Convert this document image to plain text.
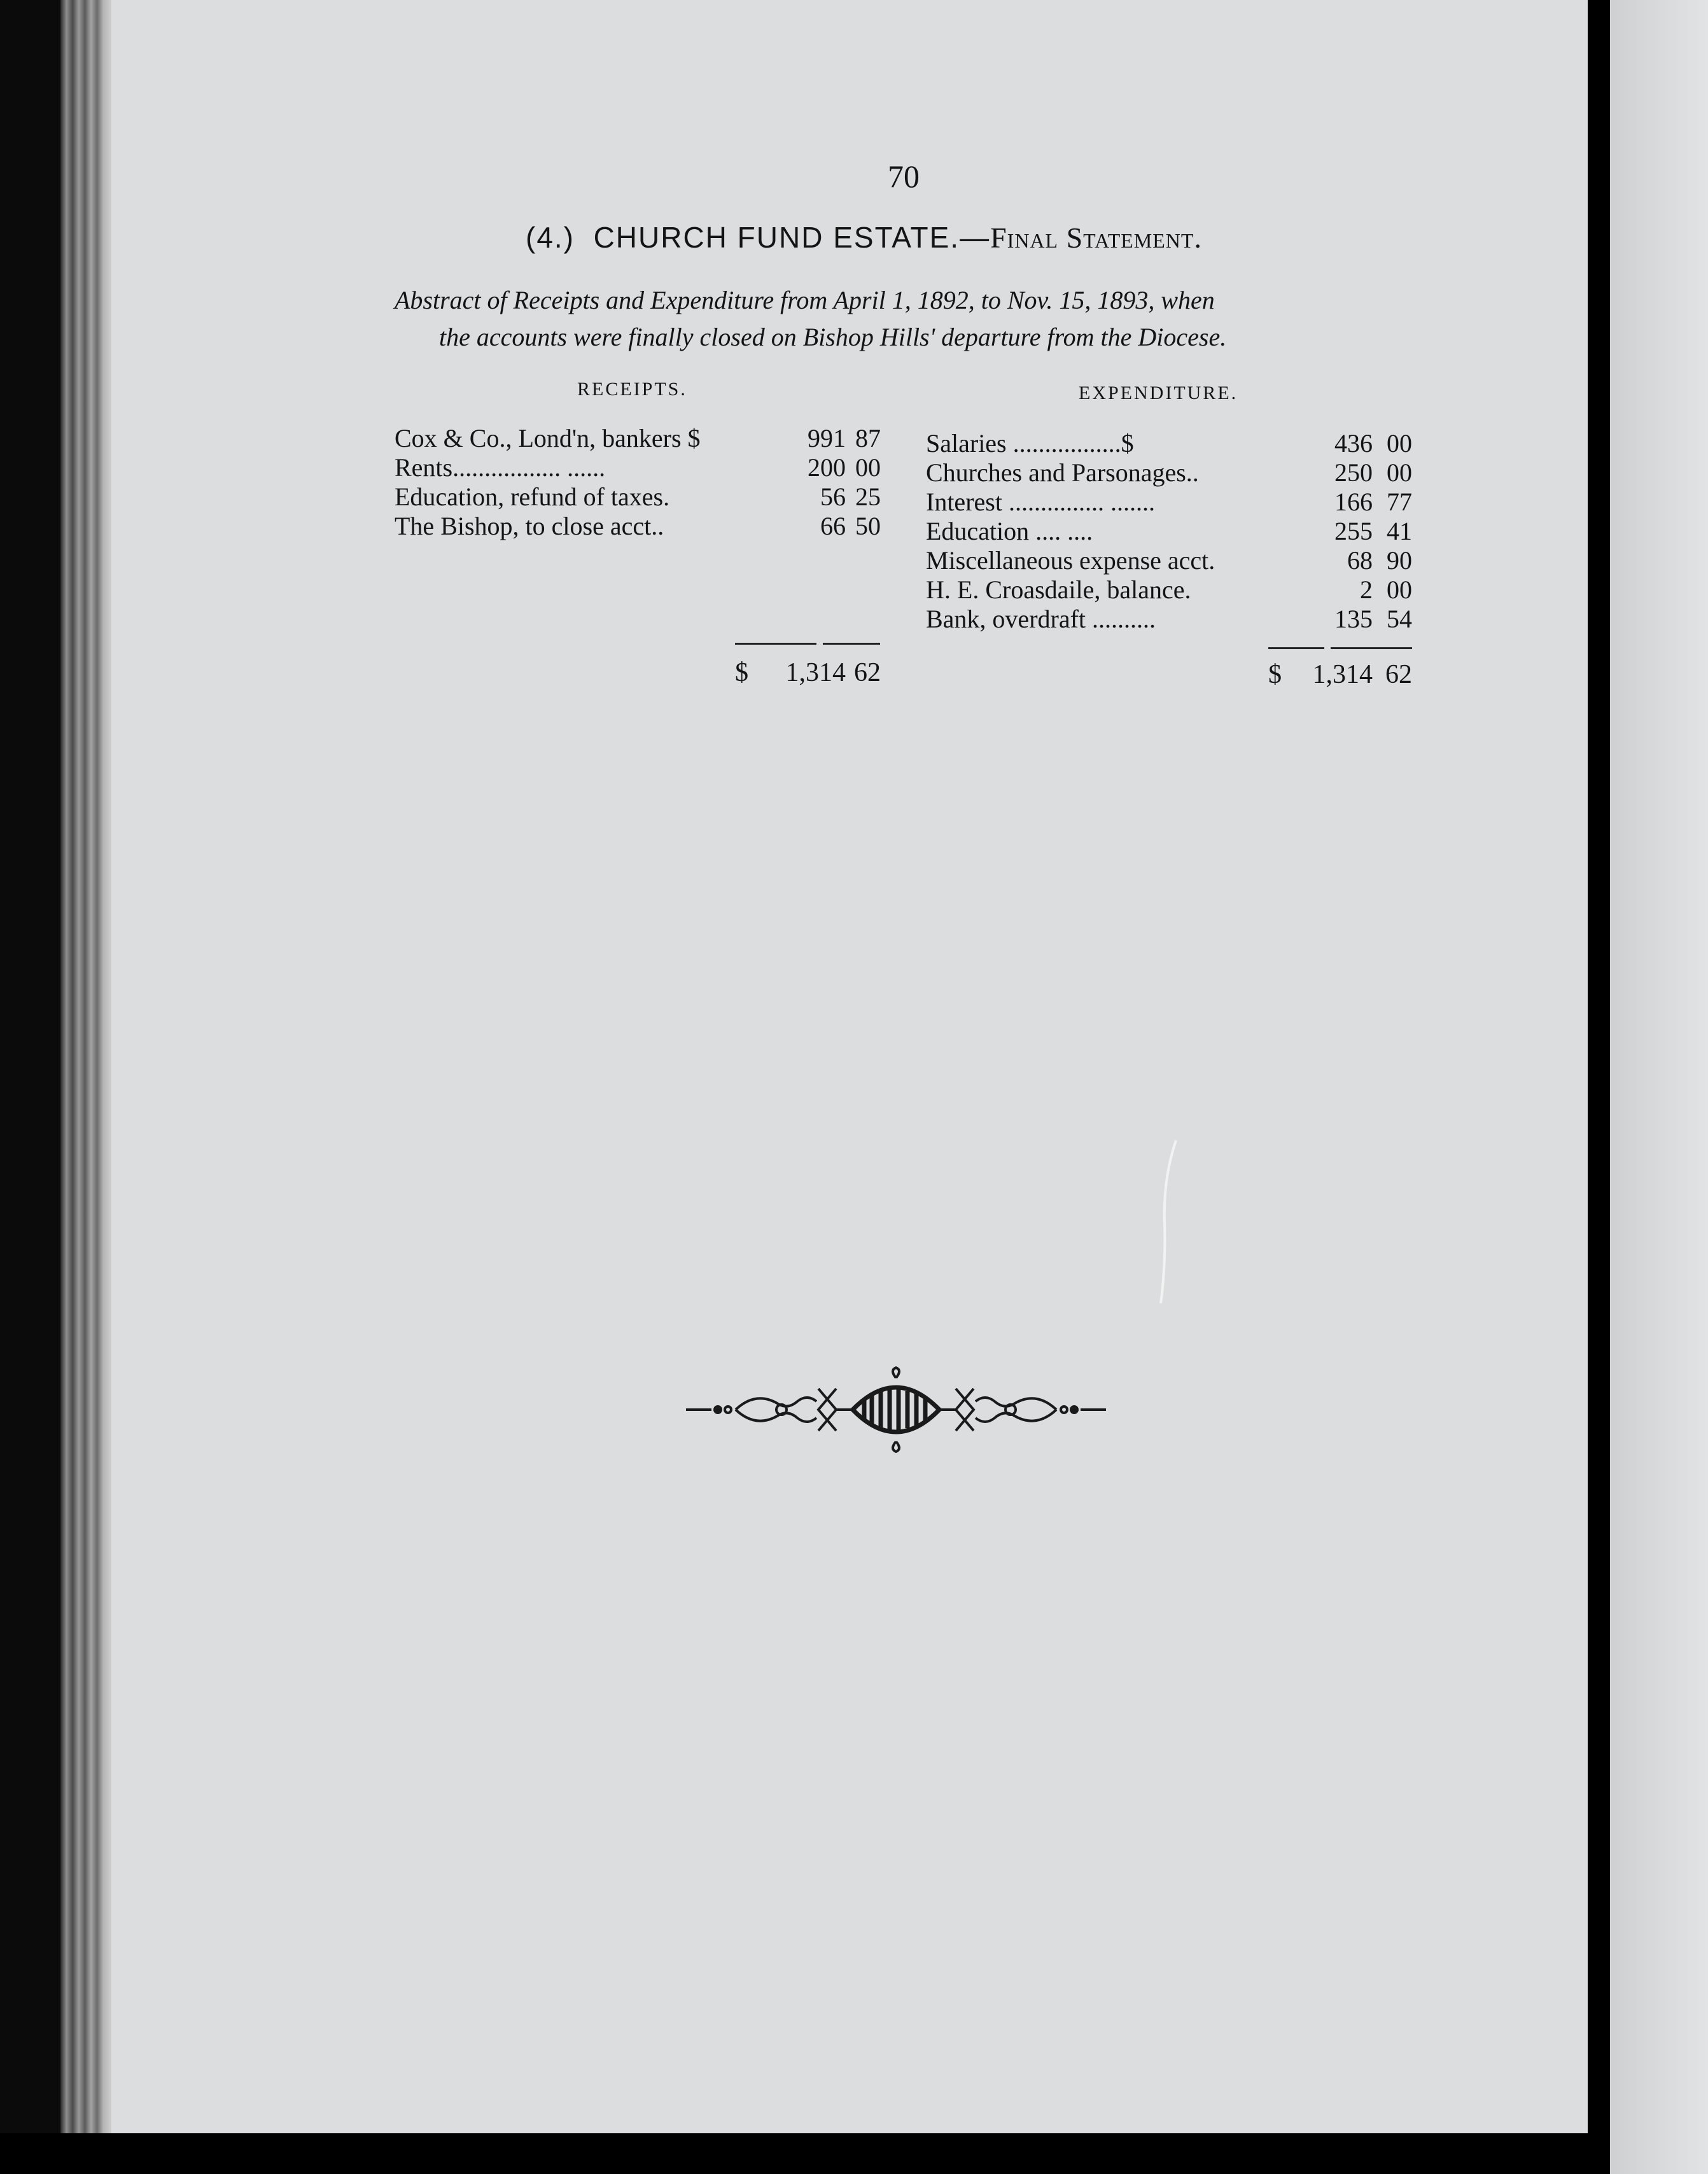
70
(4.) CHURCH FUND ESTATE.—Final Statement.
Abstract of Receipts and Expenditure from April 1, 1892, to Nov. 15, 1893, when
the accounts were finally closed on Bishop Hills' departure from the Diocese.
RECEIPTS.	EXPENDITURE.
Cox & Co., Lond'n, bankers $	991 87
Rents................. ......	200 00
Education, refund of taxes.	56 25
The Bishop, to close acct..	66 50
Salaries .................$	436 00
Churches and Parsonages..	250 00
Interest ............... .......	166 77
Education .... ....	255 41
Miscellaneous expense acct.	68 90
H. E. Croasdaile, balance.	2 00
Bank, overdraft ..........	135 54
$ 1,314 62	$ 1,314 62
